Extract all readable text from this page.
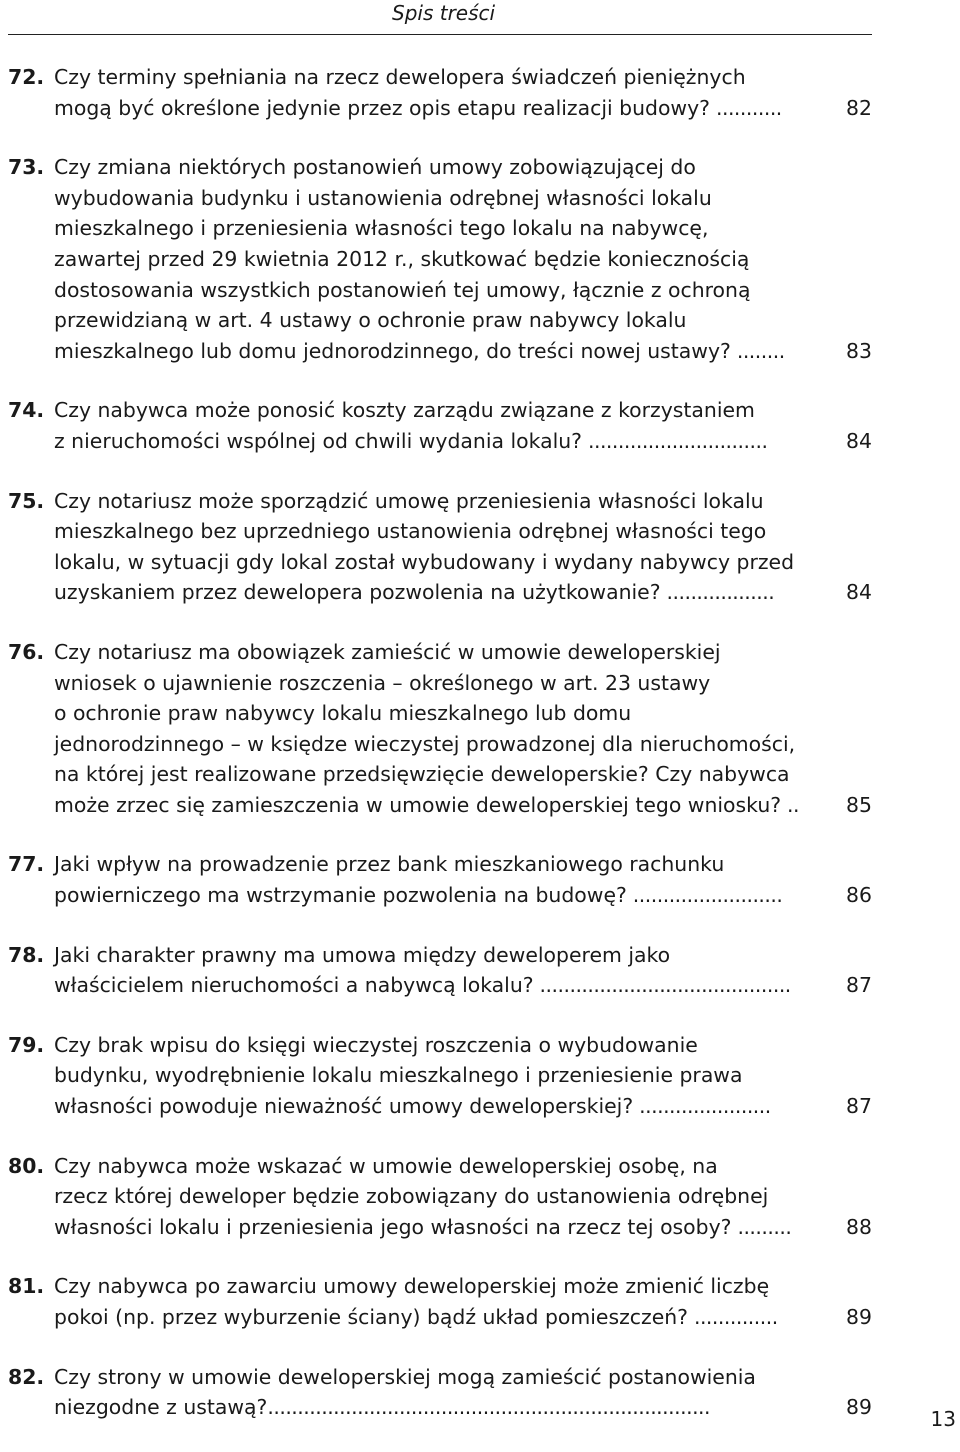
Spis treści
72. Czy terminy spełniania na rzecz dewelopera świadczeń pieniężnych
mogą być określone jedynie przez opis etapu realizacji budowy? ...........	82
73. Czy zmiana niektórych postanowień umowy zobowiązującej do
wybudowania budynku i ustanowienia odrębnej własności lokalu
mieszkalnego i przeniesienia własności tego lokalu na nabywcę,
zawartej przed 29 kwietnia 2012 r., skutkować będzie koniecznością
dostosowania wszystkich postanowień tej umowy, łącznie z ochroną
przewidzianą w art. 4 ustawy o ochronie praw nabywcy lokalu
mieszkalnego lub domu jednorodzinnego, do treści nowej ustawy? ........	83
74. Czy nabywca może ponosić koszty zarządu związane z korzystaniem
z nieruchomości wspólnej od chwili wydania lokalu? ..............................	84
75. Czy notariusz może sporządzić umowę przeniesienia własności lokalu
mieszkalnego bez uprzedniego ustanowienia odrębnej własności tego
lokalu, w sytuacji gdy lokal został wybudowany i wydany nabywcy przed
uzyskaniem przez dewelopera pozwolenia na użytkowanie? ..................	84
76. Czy notariusz ma obowiązek zamieścić w umowie deweloperskiej
wniosek o ujawnienie roszczenia – określonego w art. 23 ustawy
o ochronie praw nabywcy lokalu mieszkalnego lub domu
jednorodzinnego – w księdze wieczystej prowadzonej dla nieruchomości,
na której jest realizowane przedsięwzięcie deweloperskie? Czy nabywca
może zrzec się zamieszczenia w umowie deweloperskiej tego wniosku? ..	85
77. Jaki wpływ na prowadzenie przez bank mieszkaniowego rachunku
powierniczego ma wstrzymanie pozwolenia na budowę? .........................	86
78. Jaki charakter prawny ma umowa między deweloperem jako
właścicielem nieruchomości a nabywcą lokalu? ..........................................	87
79. Czy brak wpisu do księgi wieczystej roszczenia o wybudowanie
budynku, wyodrębnienie lokalu mieszkalnego i przeniesienie prawa
własności powoduje nieważność umowy deweloperskiej? ......................	87
80. Czy nabywca może wskazać w umowie deweloperskiej osobę, na
rzecz której deweloper będzie zobowiązany do ustanowienia odrębnej
własności lokalu i przeniesienia jego własności na rzecz tej osoby? .........	88
81. Czy nabywca po zawarciu umowy deweloperskiej może zmienić liczbę
pokoi (np. przez wyburzenie ściany) bądź układ pomieszczeń? ..............	89
82. Czy strony w umowie deweloperskiej mogą zamieścić postanowienia
niezgodne z ustawą?..........................................................................	89	13
